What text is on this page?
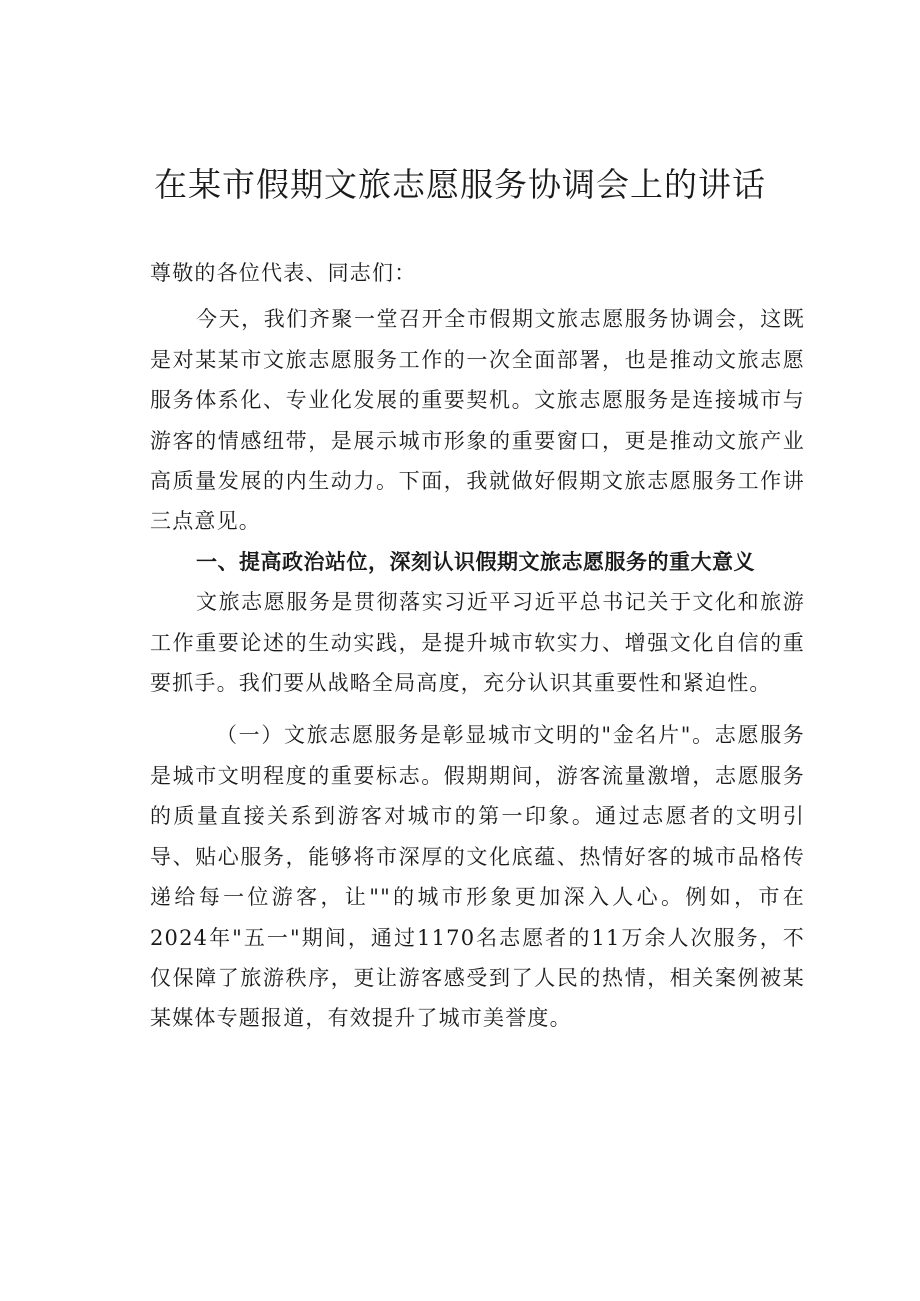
在某市假期文旅志愿服务协调会上的讲话

尊敬的各位代表、同志们：

今天，我们齐聚一堂召开全市假期文旅志愿服务协调会，这既是对某某市文旅志愿服务工作的一次全面部署，也是推动文旅志愿服务体系化、专业化发展的重要契机。文旅志愿服务是连接城市与游客的情感纽带，是展示城市形象的重要窗口，更是推动文旅产业高质量发展的内生动力。下面，我就做好假期文旅志愿服务工作讲三点意见。

一、提高政治站位，深刻认识假期文旅志愿服务的重大意义

文旅志愿服务是贯彻落实习近平习近平总书记关于文化和旅游工作重要论述的生动实践，是提升城市软实力、增强文化自信的重要抓手。我们要从战略全局高度，充分认识其重要性和紧迫性。

（一）文旅志愿服务是彰显城市文明的"金名片"。志愿服务是城市文明程度的重要标志。假期期间，游客流量激增，志愿服务的质量直接关系到游客对城市的第一印象。通过志愿者的文明引导、贴心服务，能够将市深厚的文化底蕴、热情好客的城市品格传递给每一位游客，让""的城市形象更加深入人心。例如，市在2024年"五一"期间，通过1170名志愿者的11万余人次服务，不仅保障了旅游秩序，更让游客感受到了人民的热情，相关案例被某某媒体专题报道，有效提升了城市美誉度。
